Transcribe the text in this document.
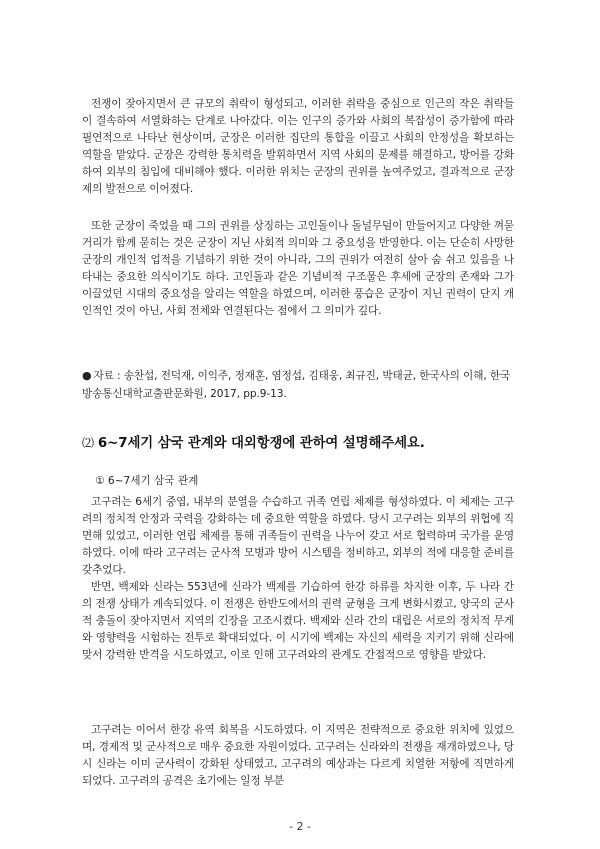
전쟁이 잦아지면서 큰 규모의 취락이 형성되고, 이러한 취락을 중심으로 인근의 작은 취락들이 결속하여 서열화하는 단계로 나아갔다. 이는 인구의 증가와 사회의 복잡성이 증가함에 따라 필연적으로 나타난 현상이며, 군장은 이러한 집단의 통합을 이끌고 사회의 안정성을 확보하는 역할을 맡았다. 군장은 강력한 통치력을 발휘하면서 지역 사회의 문제를 해결하고, 방어를 강화하여 외부의 침입에 대비해야 했다. 이러한 위치는 군장의 권위를 높여주었고, 결과적으로 군장제의 발전으로 이어졌다.

또한 군장이 죽었을 때 그의 권위를 상징하는 고인돌이나 돌널무덤이 만들어지고 다양한 껴묻거리가 함께 묻히는 것은 군장이 지닌 사회적 의미와 그 중요성을 반영한다. 이는 단순히 사망한 군장의 개인적 업적을 기념하기 위한 것이 아니라, 그의 권위가 여전히 살아 숨 쉬고 있음을 나타내는 중요한 의식이기도 하다. 고인돌과 같은 기념비적 구조물은 후세에 군장의 존재와 그가 이끌었던 시대의 중요성을 알리는 역할을 하였으며, 이러한 풍습은 군장이 지닌 권력이 단지 개인적인 것이 아닌, 사회 전체와 연결된다는 점에서 그 의미가 깊다.

● 자료 : 송찬섭, 전덕재, 이익주, 정재훈, 염정섭, 김태웅, 최규진, 박태균, 한국사의 이해, 한국방송통신대학교출판문화원, 2017, pp.9-13.

⑵ 6~7세기 삼국 관계와 대외항쟁에 관하여 설명해주세요.

① 6~7세기 삼국 관계

고구려는 6세기 중엽, 내부의 분열을 수습하고 귀족 연립 체제를 형성하였다. 이 체제는 고구려의 정치적 안정과 국력을 강화하는 데 중요한 역할을 하였다. 당시 고구려는 외부의 위협에 직면해 있었고, 이러한 연립 체제를 통해 귀족들이 권력을 나누어 갖고 서로 협력하며 국가를 운영하였다. 이에 따라 고구려는 군사적 모병과 방어 시스템을 정비하고, 외부의 적에 대응할 준비를 갖추었다.

반면, 백제와 신라는 553년에 신라가 백제를 기습하여 한강 하류를 차지한 이후, 두 나라 간의 전쟁 상태가 계속되었다. 이 전쟁은 한반도에서의 권력 균형을 크게 변화시켰고, 양국의 군사적 충돌이 잦아지면서 지역의 긴장을 고조시켰다. 백제와 신라 간의 대립은 서로의 정치적 무게와 영향력을 시험하는 전투로 확대되었다. 이 시기에 백제는 자신의 세력을 지키기 위해 신라에 맞서 강력한 반격을 시도하였고, 이로 인해 고구려와의 관계도 간접적으로 영향을 받았다.

고구려는 이어서 한강 유역 회복을 시도하였다. 이 지역은 전략적으로 중요한 위치에 있었으며, 경제적 및 군사적으로 매우 중요한 자원이었다. 고구려는 신라와의 전쟁을 재개하였으나, 당시 신라는 이미 군사력이 강화된 상태였고, 고구려의 예상과는 다르게 치열한 저항에 직면하게 되었다. 고구려의 공격은 초기에는 일정 부분

- 2 -
